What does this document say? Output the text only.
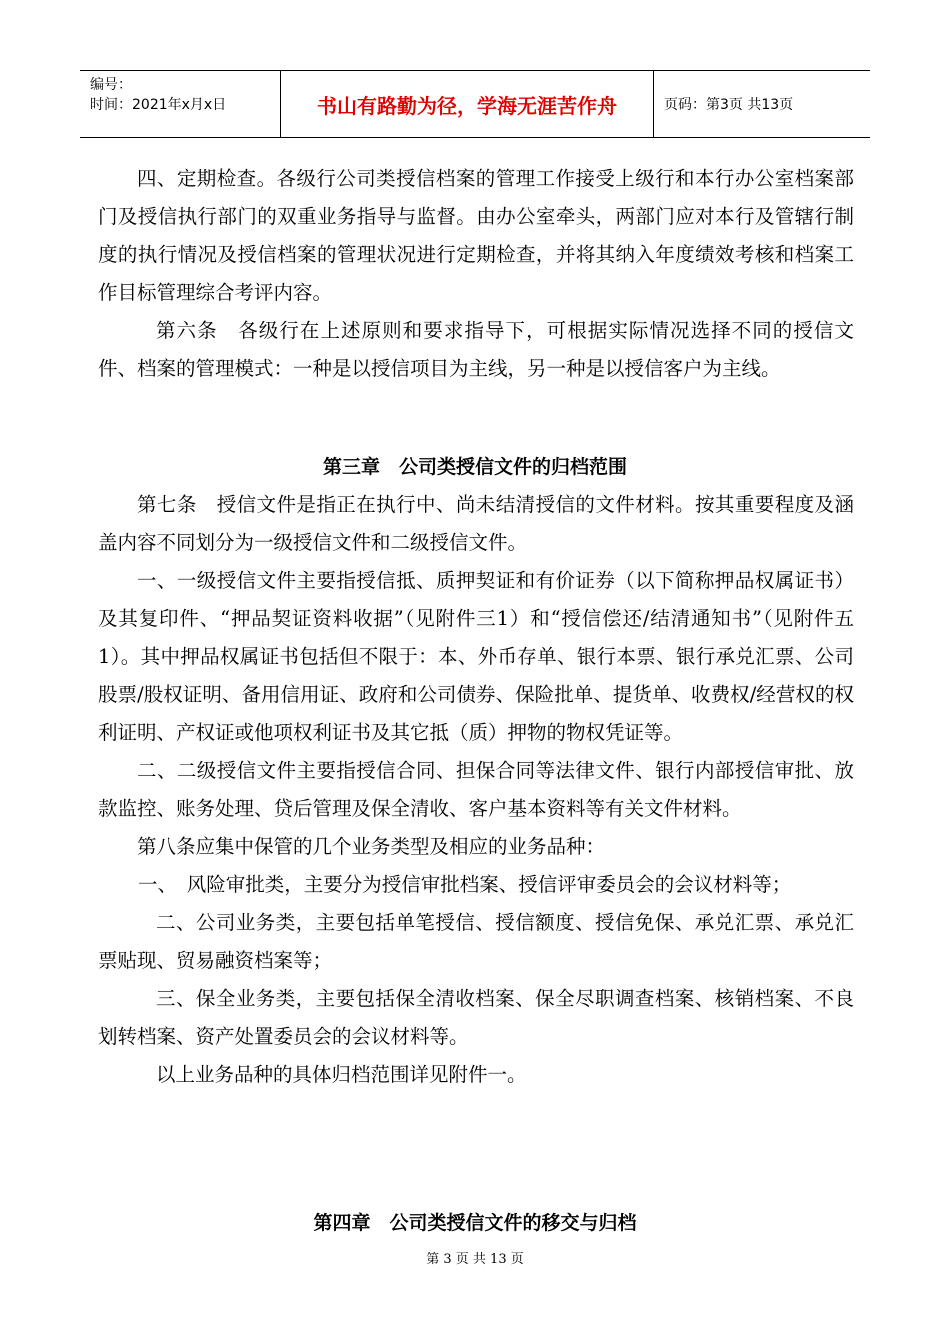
编号：
时间：2021年x月x日	书山有路勤为径，学海无涯苦作舟	页码：第3页 共13页

四、定期检查。各级行公司类授信档案的管理工作接受上级行和本行办公室档案部门及授信执行部门的双重业务指导与监督。由办公室牵头，两部门应对本行及管辖行制度的执行情况及授信档案的管理状况进行定期检查，并将其纳入年度绩效考核和档案工作目标管理综合考评内容。

第六条　各级行在上述原则和要求指导下，可根据实际情况选择不同的授信文件、档案的管理模式：一种是以授信项目为主线，另一种是以授信客户为主线。

第三章　公司类授信文件的归档范围

第七条　授信文件是指正在执行中、尚未结清授信的文件材料。按其重要程度及涵盖内容不同划分为一级授信文件和二级授信文件。

一、一级授信文件主要指授信抵、质押契证和有价证券（以下简称押品权属证书）及其复印件、“押品契证资料收据”（见附件三1）和“授信偿还/结清通知书”（见附件五1）。其中押品权属证书包括但不限于：本、外币存单、银行本票、银行承兑汇票、公司股票/股权证明、备用信用证、政府和公司债券、保险批单、提货单、收费权/经营权的权利证明、产权证或他项权利证书及其它抵（质）押物的物权凭证等。

二、二级授信文件主要指授信合同、担保合同等法律文件、银行内部授信审批、放款监控、账务处理、贷后管理及保全清收、客户基本资料等有关文件材料。

第八条应集中保管的几个业务类型及相应的业务品种：

一、　风险审批类，主要分为授信审批档案、授信评审委员会的会议材料等；

二、公司业务类，主要包括单笔授信、授信额度、授信免保、承兑汇票、承兑汇票贴现、贸易融资档案等；

三、保全业务类，主要包括保全清收档案、保全尽职调查档案、核销档案、不良划转档案、资产处置委员会的会议材料等。

以上业务品种的具体归档范围详见附件一。

第四章　公司类授信文件的移交与归档
第 3 页 共 13 页
